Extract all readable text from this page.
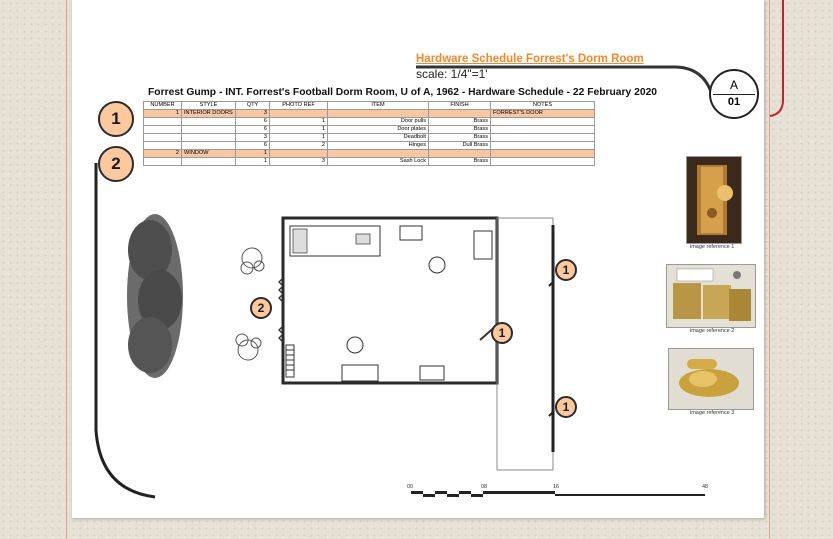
Hardware Schedule Forrest's Dorm Room
scale: 1/4"=1'
A
01
Forrest Gump - INT. Forrest's Football Dorm Room, U of A, 1962 - Hardware Schedule - 22 February 2020
NUMBER	STYLE	QTY	PHOTO REF	ITEM	FINISH	NOTES
1	INTERIOR DOORS	3				FORREST'S DOOR
		6	1	Door pulls	Brass	
		6	1	Door plates	Brass	
		3	1	Deadbolt	Brass	
		6	2	Hinges	Dull Brass	
2	WINDOW	1				
		1	3	Sash Lock	Brass	
1
2
2
1
1
1
image reference 1
image reference 2
image reference 3
00	08	16	48
